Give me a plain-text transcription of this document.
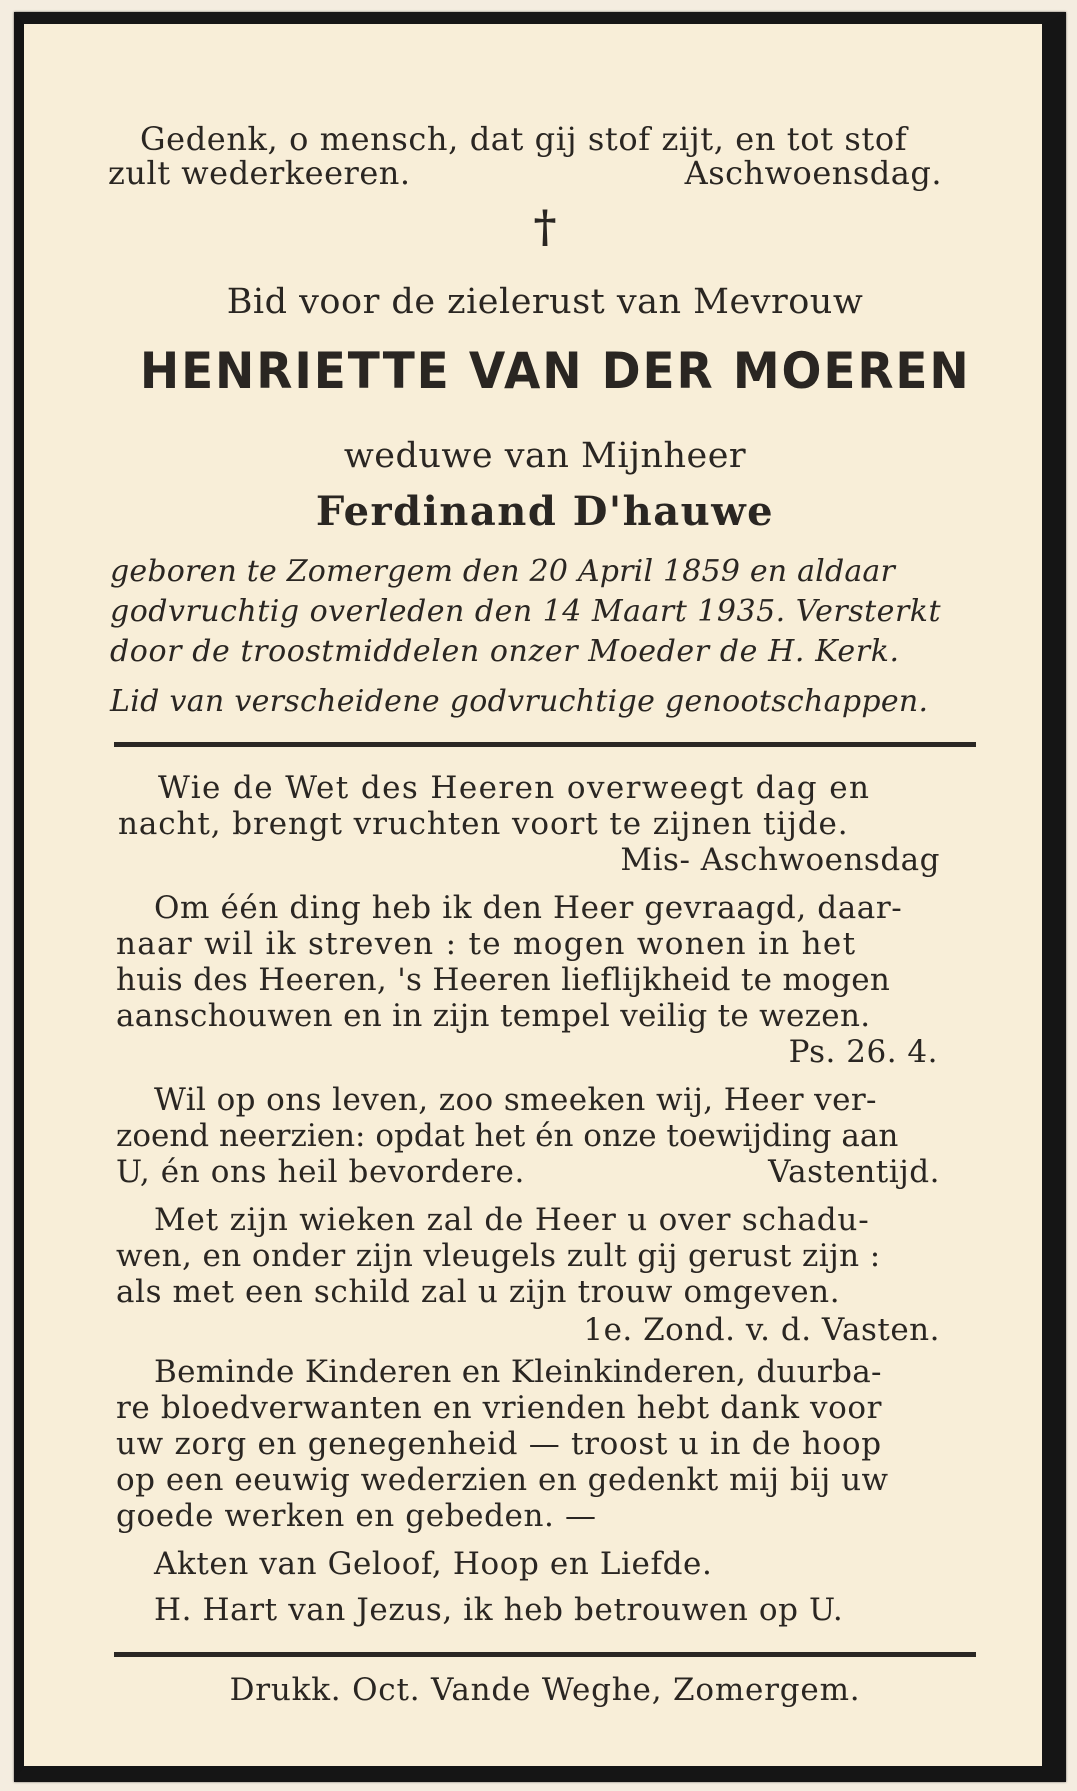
Gedenk, o mensch, dat gij stof zijt, en tot stof
zult wederkeeren.	Aschwoensdag.
†
Bid voor de zielerust van Mevrouw
HENRIETTE VAN DER MOEREN
weduwe van Mijnheer
Ferdinand D'hauwe
geboren te Zomergem den 20 April 1859 en aldaar
godvruchtig overleden den 14 Maart 1935. Versterkt
door de troostmiddelen onzer Moeder de H. Kerk.
Lid van verscheidene godvruchtige genootschappen.
Wie de Wet des Heeren overweegt dag en
nacht, brengt vruchten voort te zijnen tijde.
Mis- Aschwoensdag
Om één ding heb ik den Heer gevraagd, daar-
naar wil ik streven : te mogen wonen in het
huis des Heeren, 's Heeren lieflijkheid te mogen
aanschouwen en in zijn tempel veilig te wezen.
Ps. 26. 4.
Wil op ons leven, zoo smeeken wij, Heer ver-
zoend neerzien: opdat het én onze toewijding aan
U, én ons heil bevordere.	Vastentijd.
Met zijn wieken zal de Heer u over schadu-
wen, en onder zijn vleugels zult gij gerust zijn :
als met een schild zal u zijn trouw omgeven.
1e. Zond. v. d. Vasten.
Beminde Kinderen en Kleinkinderen, duurba-
re bloedverwanten en vrienden hebt dank voor
uw zorg en genegenheid — troost u in de hoop
op een eeuwig wederzien en gedenkt mij bij uw
goede werken en gebeden. —
Akten van Geloof, Hoop en Liefde.
H. Hart van Jezus, ik heb betrouwen op U.
Drukk. Oct. Vande Weghe, Zomergem.
